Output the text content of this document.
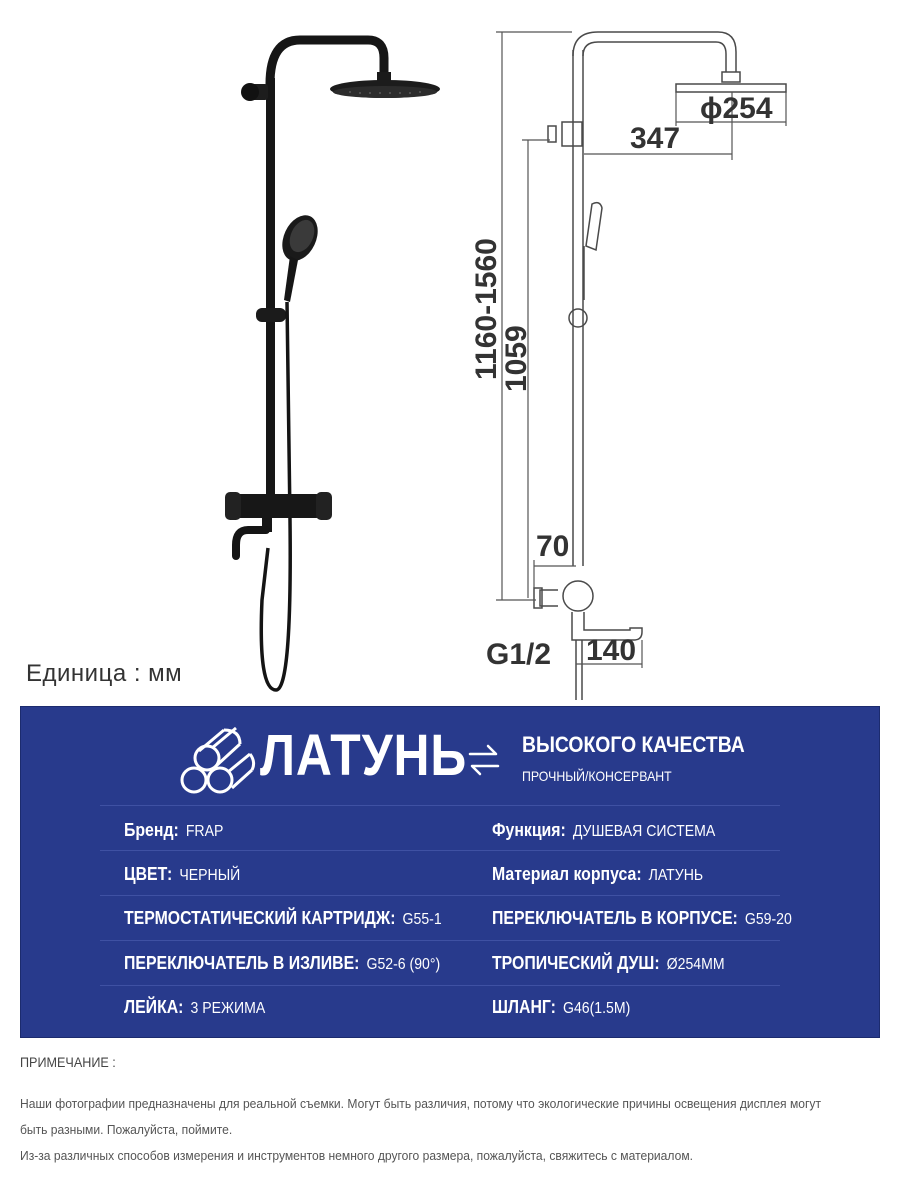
ϕ254
347
1160-1560
1059
70
G1/2 140
Единица : мм
ЛАТУНЬ ВЫСОКОГО КАЧЕСТВА
ПРОЧНЫЙ/КОНСЕРВАНТ
Бренд: FRAP
ЦВЕТ: ЧЕРНЫЙ
ТЕРМОСТАТИЧЕСКИЙ КАРТРИДЖ: G55-1
ПЕРЕКЛЮЧАТЕЛЬ В ИЗЛИВЕ: G52-6 (90°)
ЛЕЙКА: 3 РЕЖИМА
Функция: ДУШЕВАЯ СИСТЕМА
Материал корпуса: ЛАТУНЬ
ПЕРЕКЛЮЧАТЕЛЬ В КОРПУСЕ: G59-20
ТРОПИЧЕСКИЙ ДУШ: Ø254ММ
ШЛАНГ: G46(1.5M)
ПРИМЕЧАНИЕ :
Наши фотографии предназначены для реальной съемки. Могут быть различия, потому что экологические причины освещения дисплея могут
быть разными. Пожалуйста, поймите.
Из-за различных способов измерения и инструментов немного другого размера, пожалуйста, свяжитесь с материалом.
